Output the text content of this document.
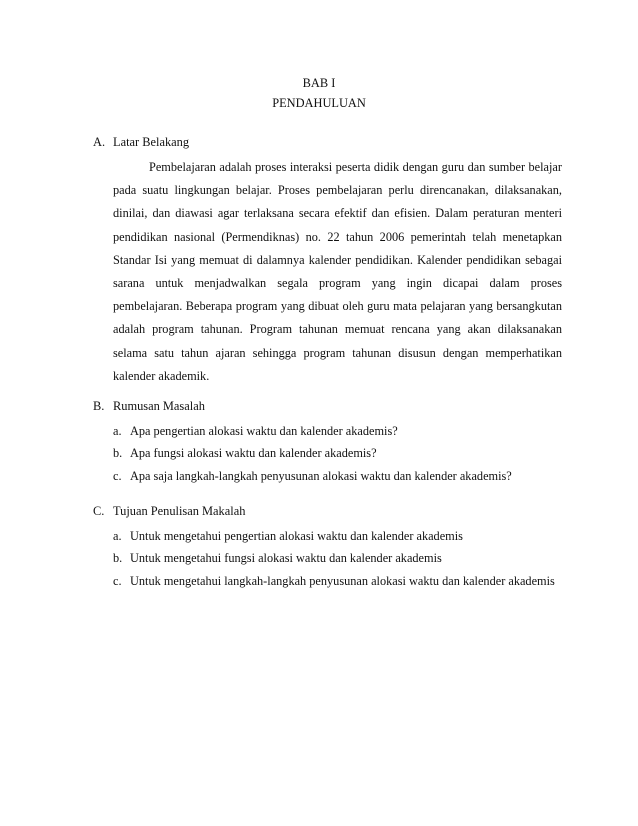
BAB I
PENDAHULUAN
A. Latar Belakang

Pembelajaran adalah proses interaksi peserta didik dengan guru dan sumber belajar pada suatu lingkungan belajar. Proses pembelajaran perlu direncanakan, dilaksanakan, dinilai, dan diawasi agar terlaksana secara efektif dan efisien. Dalam peraturan menteri pendidikan nasional (Permendiknas) no. 22 tahun 2006 pemerintah telah menetapkan Standar Isi yang memuat di dalamnya kalender pendidikan. Kalender pendidikan sebagai sarana untuk menjadwalkan segala program yang ingin dicapai dalam proses pembelajaran. Beberapa program yang dibuat oleh guru mata pelajaran yang bersangkutan adalah program tahunan. Program tahunan memuat rencana yang akan dilaksanakan selama satu tahun ajaran sehingga program tahunan disusun dengan memperhatikan kalender akademik.

B. Rumusan Masalah
a. Apa pengertian alokasi waktu dan kalender akademis?
b. Apa fungsi alokasi waktu dan kalender akademis?
c. Apa saja langkah-langkah penyusunan alokasi waktu dan kalender akademis?
C. Tujuan Penulisan Makalah
a. Untuk mengetahui pengertian alokasi waktu dan kalender akademis
b. Untuk mengetahui fungsi alokasi waktu dan kalender akademis
c. Untuk mengetahui langkah-langkah penyusunan alokasi waktu dan kalender akademis
